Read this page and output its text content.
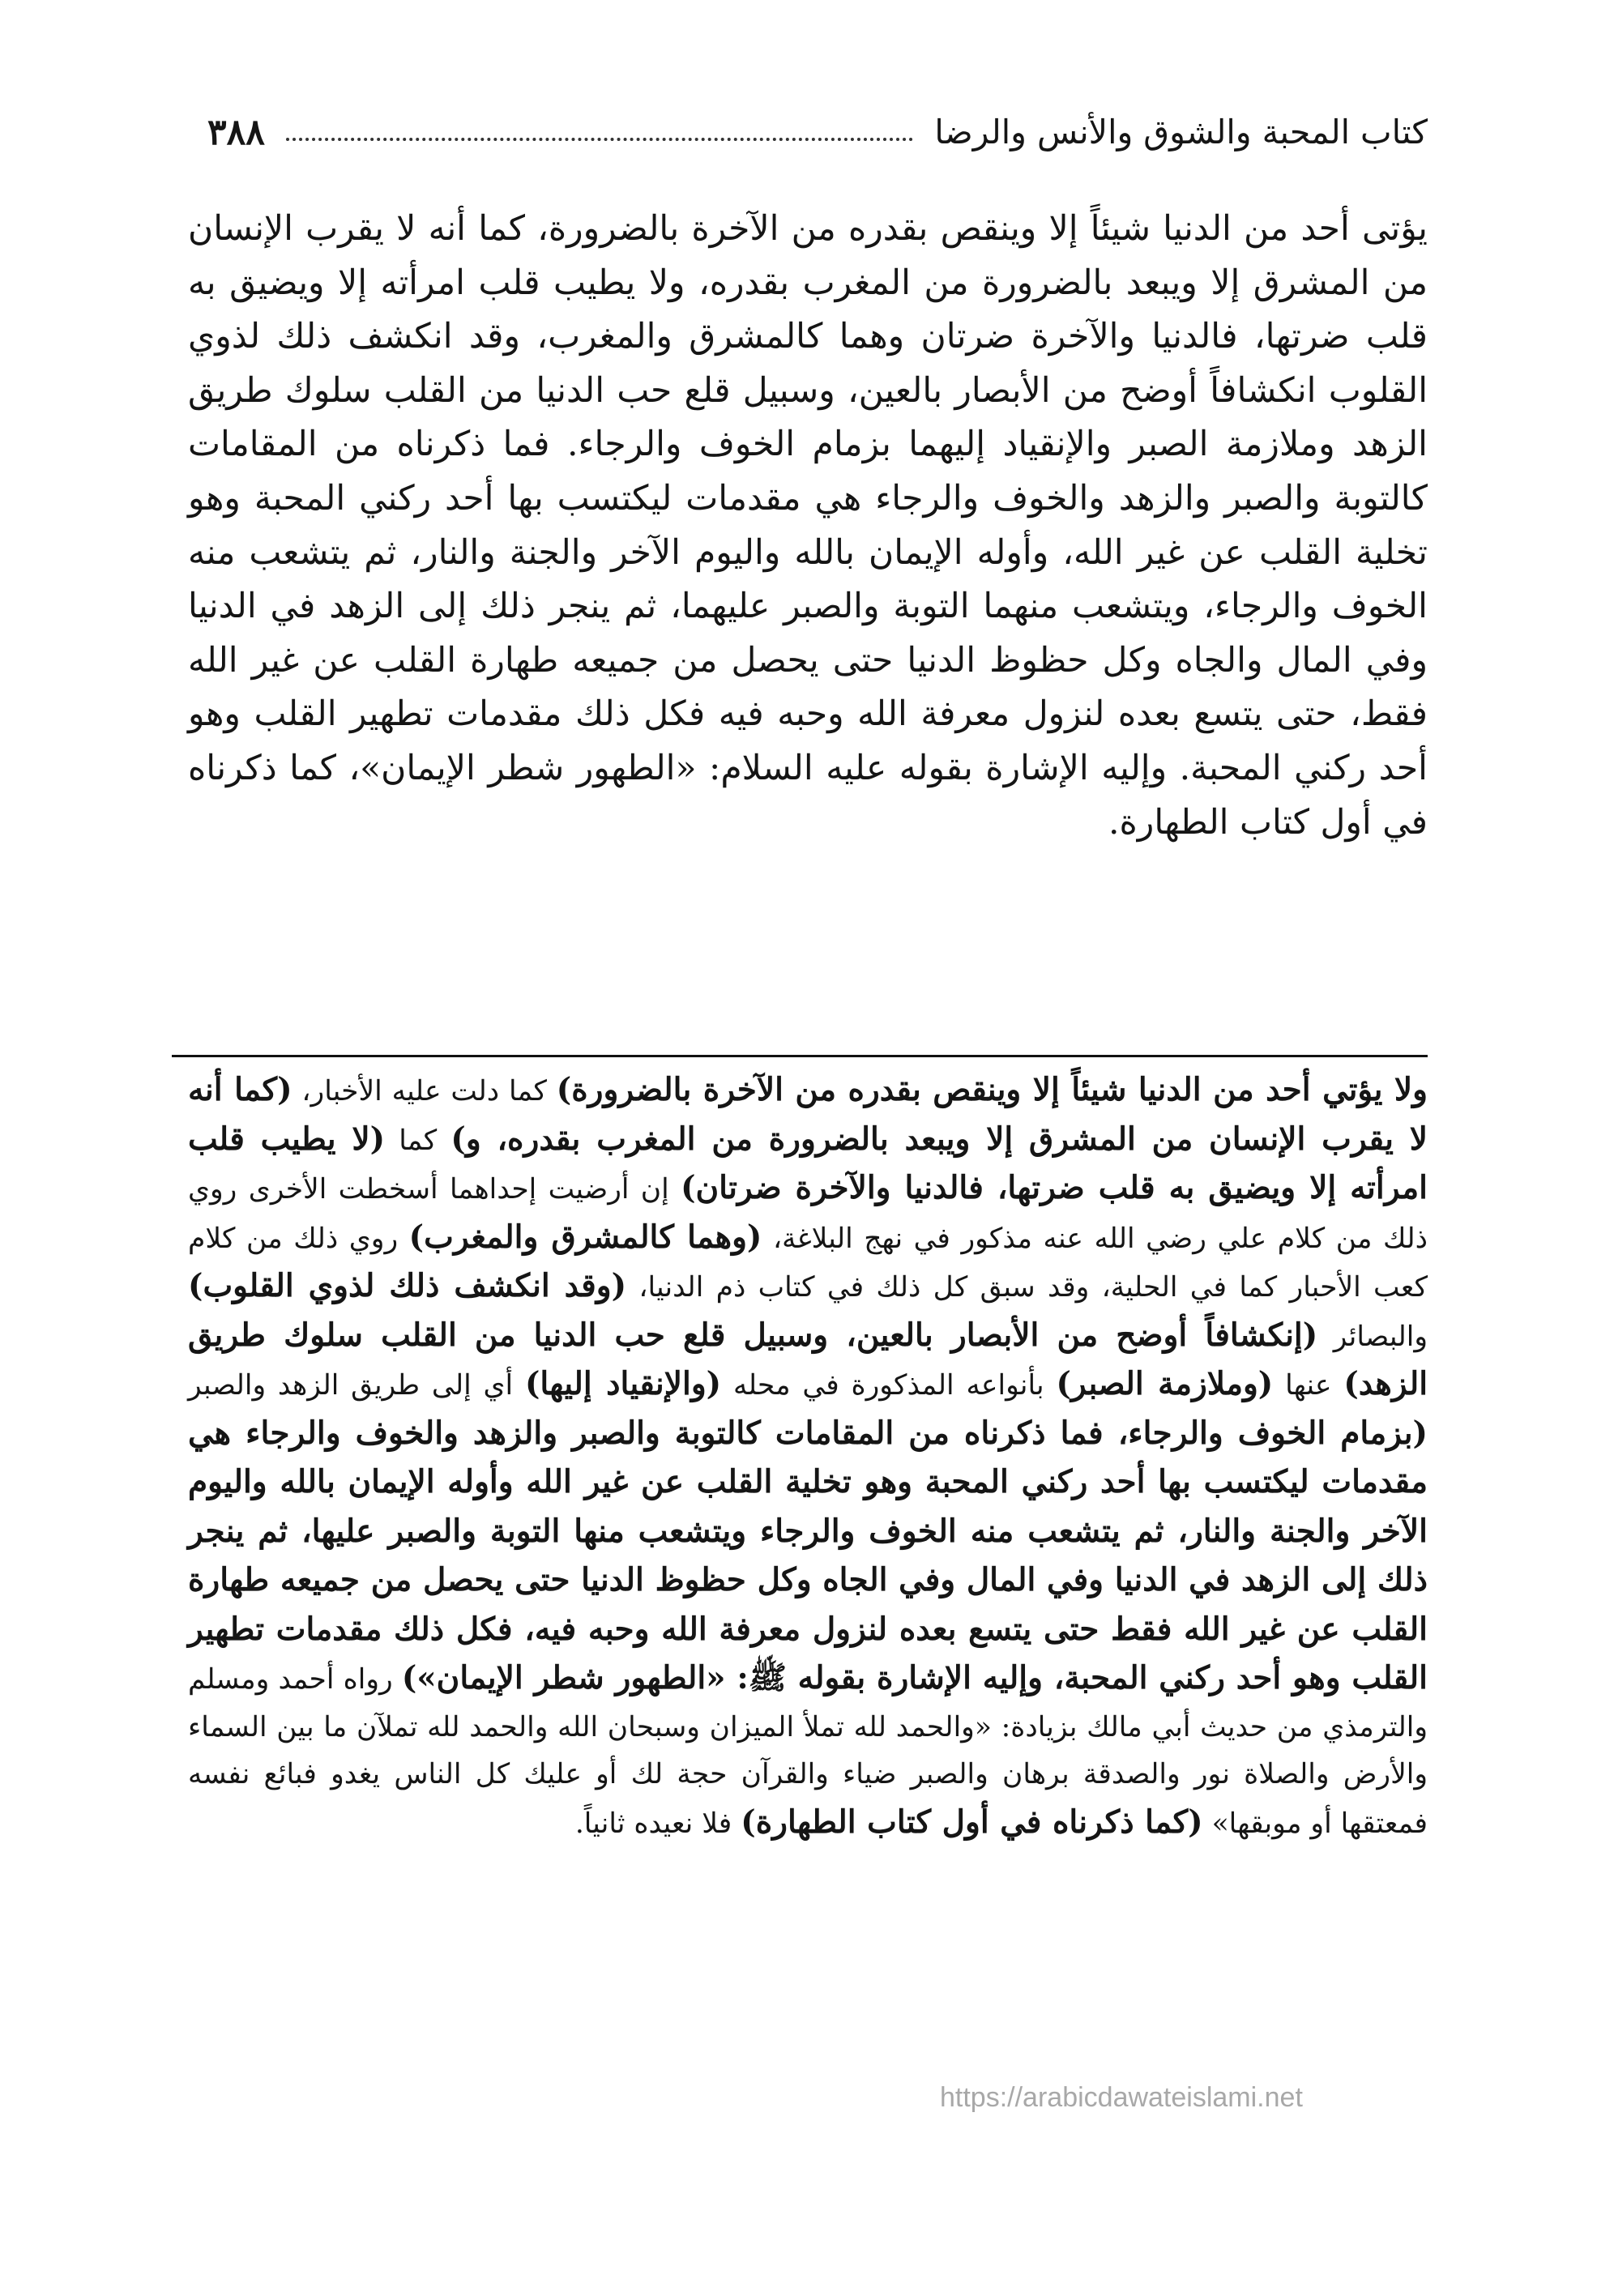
٣٨٨	كتاب المحبة والشوق والأنس والرضا

يؤتى أحد من الدنيا شيئاً إلا وينقص بقدره من الآخرة بالضرورة، كما أنه لا يقرب الإنسان من المشرق إلا ويبعد بالضرورة من المغرب بقدره، ولا يطيب قلب امرأته إلا ويضيق به قلب ضرتها، فالدنيا والآخرة ضرتان وهما كالمشرق والمغرب، وقد انكشف ذلك لذوي القلوب انكشافاً أوضح من الأبصار بالعين، وسبيل قلع حب الدنيا من القلب سلوك طريق الزهد وملازمة الصبر والإنقياد إليهما بزمام الخوف والرجاء. فما ذكرناه من المقامات كالتوبة والصبر والزهد والخوف والرجاء هي مقدمات ليكتسب بها أحد ركني المحبة وهو تخلية القلب عن غير الله، وأوله الإيمان بالله واليوم الآخر والجنة والنار، ثم يتشعب منه الخوف والرجاء، ويتشعب منهما التوبة والصبر عليهما، ثم ينجر ذلك إلى الزهد في الدنيا وفي المال والجاه وكل حظوظ الدنيا حتى يحصل من جميعه طهارة القلب عن غير الله فقط، حتى يتسع بعده لنزول معرفة الله وحبه فيه فكل ذلك مقدمات تطهير القلب وهو أحد ركني المحبة. وإليه الإشارة بقوله عليه السلام: «الطهور شطر الإيمان»، كما ذكرناه في أول كتاب الطهارة.

ولا يؤتي أحد من الدنيا شيئاً إلا وينقص بقدره من الآخرة بالضرورة) كما دلت عليه الأخبار، (كما أنه لا يقرب الإنسان من المشرق إلا ويبعد بالضرورة من المغرب بقدره، و) كما (لا يطيب قلب امرأته إلا ويضيق به قلب ضرتها، فالدنيا والآخرة ضرتان) إن أرضيت إحداهما أسخطت الأخرى روي ذلك من كلام علي رضي الله عنه مذكور في نهج البلاغة، (وهما كالمشرق والمغرب) روي ذلك من كلام كعب الأحبار كما في الحلية، وقد سبق كل ذلك في كتاب ذم الدنيا، (وقد انكشف ذلك لذوي القلوب) والبصائر (إنكشافاً أوضح من الأبصار بالعين، وسبيل قلع حب الدنيا من القلب سلوك طريق الزهد) عنها (وملازمة الصبر) بأنواعه المذكورة في محله (والإنقياد إليها) أي إلى طريق الزهد والصبر (بزمام الخوف والرجاء، فما ذكرناه من المقامات كالتوبة والصبر والزهد والخوف والرجاء هي مقدمات ليكتسب بها أحد ركني المحبة وهو تخلية القلب عن غير الله وأوله الإيمان بالله واليوم الآخر والجنة والنار، ثم يتشعب منه الخوف والرجاء ويتشعب منها التوبة والصبر عليها، ثم ينجر ذلك إلى الزهد في الدنيا وفي المال وفي الجاه وكل حظوظ الدنيا حتى يحصل من جميعه طهارة القلب عن غير الله فقط حتى يتسع بعده لنزول معرفة الله وحبه فيه، فكل ذلك مقدمات تطهير القلب وهو أحد ركني المحبة، وإليه الإشارة بقوله ﷺ: «الطهور شطر الإيمان») رواه أحمد ومسلم والترمذي من حديث أبي مالك بزيادة: «والحمد لله تملأ الميزان وسبحان الله والحمد لله تملآن ما بين السماء والأرض والصلاة نور والصدقة برهان والصبر ضياء والقرآن حجة لك أو عليك كل الناس يغدو فبائع نفسه فمعتقها أو موبقها» (كما ذكرناه في أول كتاب الطهارة) فلا نعيده ثانياً.

https://arabicdawateislami.net
